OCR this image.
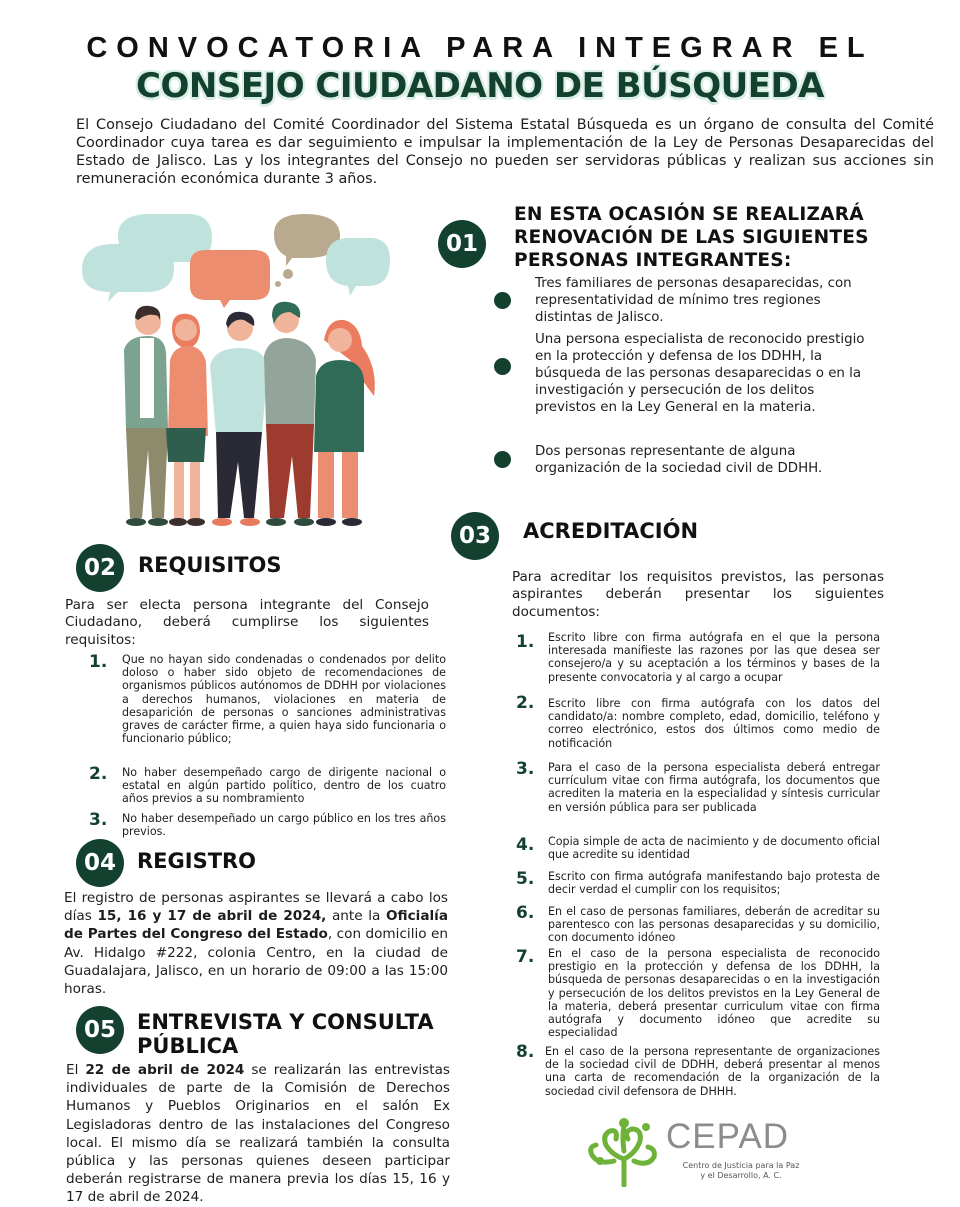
CONVOCATORIA PARA INTEGRAR EL
CONSEJO CIUDADANO DE BÚSQUEDA
El Consejo Ciudadano del Comité Coordinador del Sistema Estatal Búsqueda es un órgano de consulta del Comité Coordinador cuya tarea es dar seguimiento e impulsar la implementación de la Ley de Personas Desaparecidas del Estado de Jalisco. Las y los integrantes del Consejo no pueden ser servidoras públicas y realizan sus acciones sin remuneración económica durante 3 años.
01
EN ESTA OCASIÓN SE REALIZARÁ RENOVACIÓN DE LAS SIGUIENTES PERSONAS INTEGRANTES:
Tres familiares de personas desaparecidas, con representatividad de mínimo tres regiones distintas de Jalisco.
Una persona especialista de reconocido prestigio en la protección y defensa de los DDHH, la búsqueda de las personas desaparecidas o en la investigación y persecución de los delitos previstos en la Ley General en la materia.
Dos personas representante de alguna organización de la sociedad civil de DDHH.
02	REQUISITOS
Para ser electa persona integrante del Consejo Ciudadano, deberá cumplirse los siguientes requisitos:
1. Que no hayan sido condenadas o condenados por delito doloso o haber sido objeto de recomendaciones de organismos públicos autónomos de DDHH por violaciones a derechos humanos, violaciones en materia de desaparición de personas o sanciones administrativas graves de carácter firme, a quien haya sido funcionaria o funcionario público;
2. No haber desempeñado cargo de dirigente nacional o estatal en algún partido político, dentro de los cuatro años previos a su nombramiento
3. No haber desempeñado un cargo público en los tres años previos.
03	ACREDITACIÓN
Para acreditar los requisitos previstos, las personas aspirantes deberán presentar los siguientes documentos:
1. Escrito libre con firma autógrafa en el que la persona interesada manifieste las razones por las que desea ser consejero/a y su aceptación a los términos y bases de la presente convocatoria y al cargo a ocupar
2. Escrito libre con firma autógrafa con los datos del candidato/a: nombre completo, edad, domicilio, teléfono y correo electrónico, estos dos últimos como medio de notificación
3. Para el caso de la persona especialista deberá entregar currículum vitae con firma autógrafa, los documentos que acrediten la materia en la especialidad y síntesis curricular en versión pública para ser publicada
4. Copia simple de acta de nacimiento y de documento oficial que acredite su identidad
5. Escrito con firma autógrafa manifestando bajo protesta de decir verdad el cumplir con los requisitos;
6. En el caso de personas familiares, deberán de acreditar su parentesco con las personas desaparecidas y su domicilio, con documento idóneo
7. En el caso de la persona especialista de reconocido prestigio en la protección y defensa de los DDHH, la búsqueda de personas desaparecidas o en la investigación y persecución de los delitos previstos en la Ley General de la materia, deberá presentar curriculum vitae con firma autógrafa y documento idóneo que acredite su especialidad
8. En el caso de la persona representante de organizaciones de la sociedad civil de DDHH, deberá presentar al menos una carta de recomendación de la organización de la sociedad civil defensora de DHHH.
04	REGISTRO
El registro de personas aspirantes se llevará a cabo los días 15, 16 y 17 de abril de 2024, ante la Oficialía de Partes del Congreso del Estado, con domicilio en Av. Hidalgo #222, colonia Centro, en la ciudad de Guadalajara, Jalisco, en un horario de 09:00 a las 15:00 horas.
05	ENTREVISTA Y CONSULTA PÚBLICA
El 22 de abril de 2024 se realizarán las entrevistas individuales de parte de la Comisión de Derechos Humanos y Pueblos Originarios en el salón Ex Legisladoras dentro de las instalaciones del Congreso local. El mismo día se realizará también la consulta pública y las personas quienes deseen participar deberán registrarse de manera previa los días 15, 16 y 17 de abril de 2024.
CEPAD
Centro de Justicia para la Paz
y el Desarrollo, A. C.
